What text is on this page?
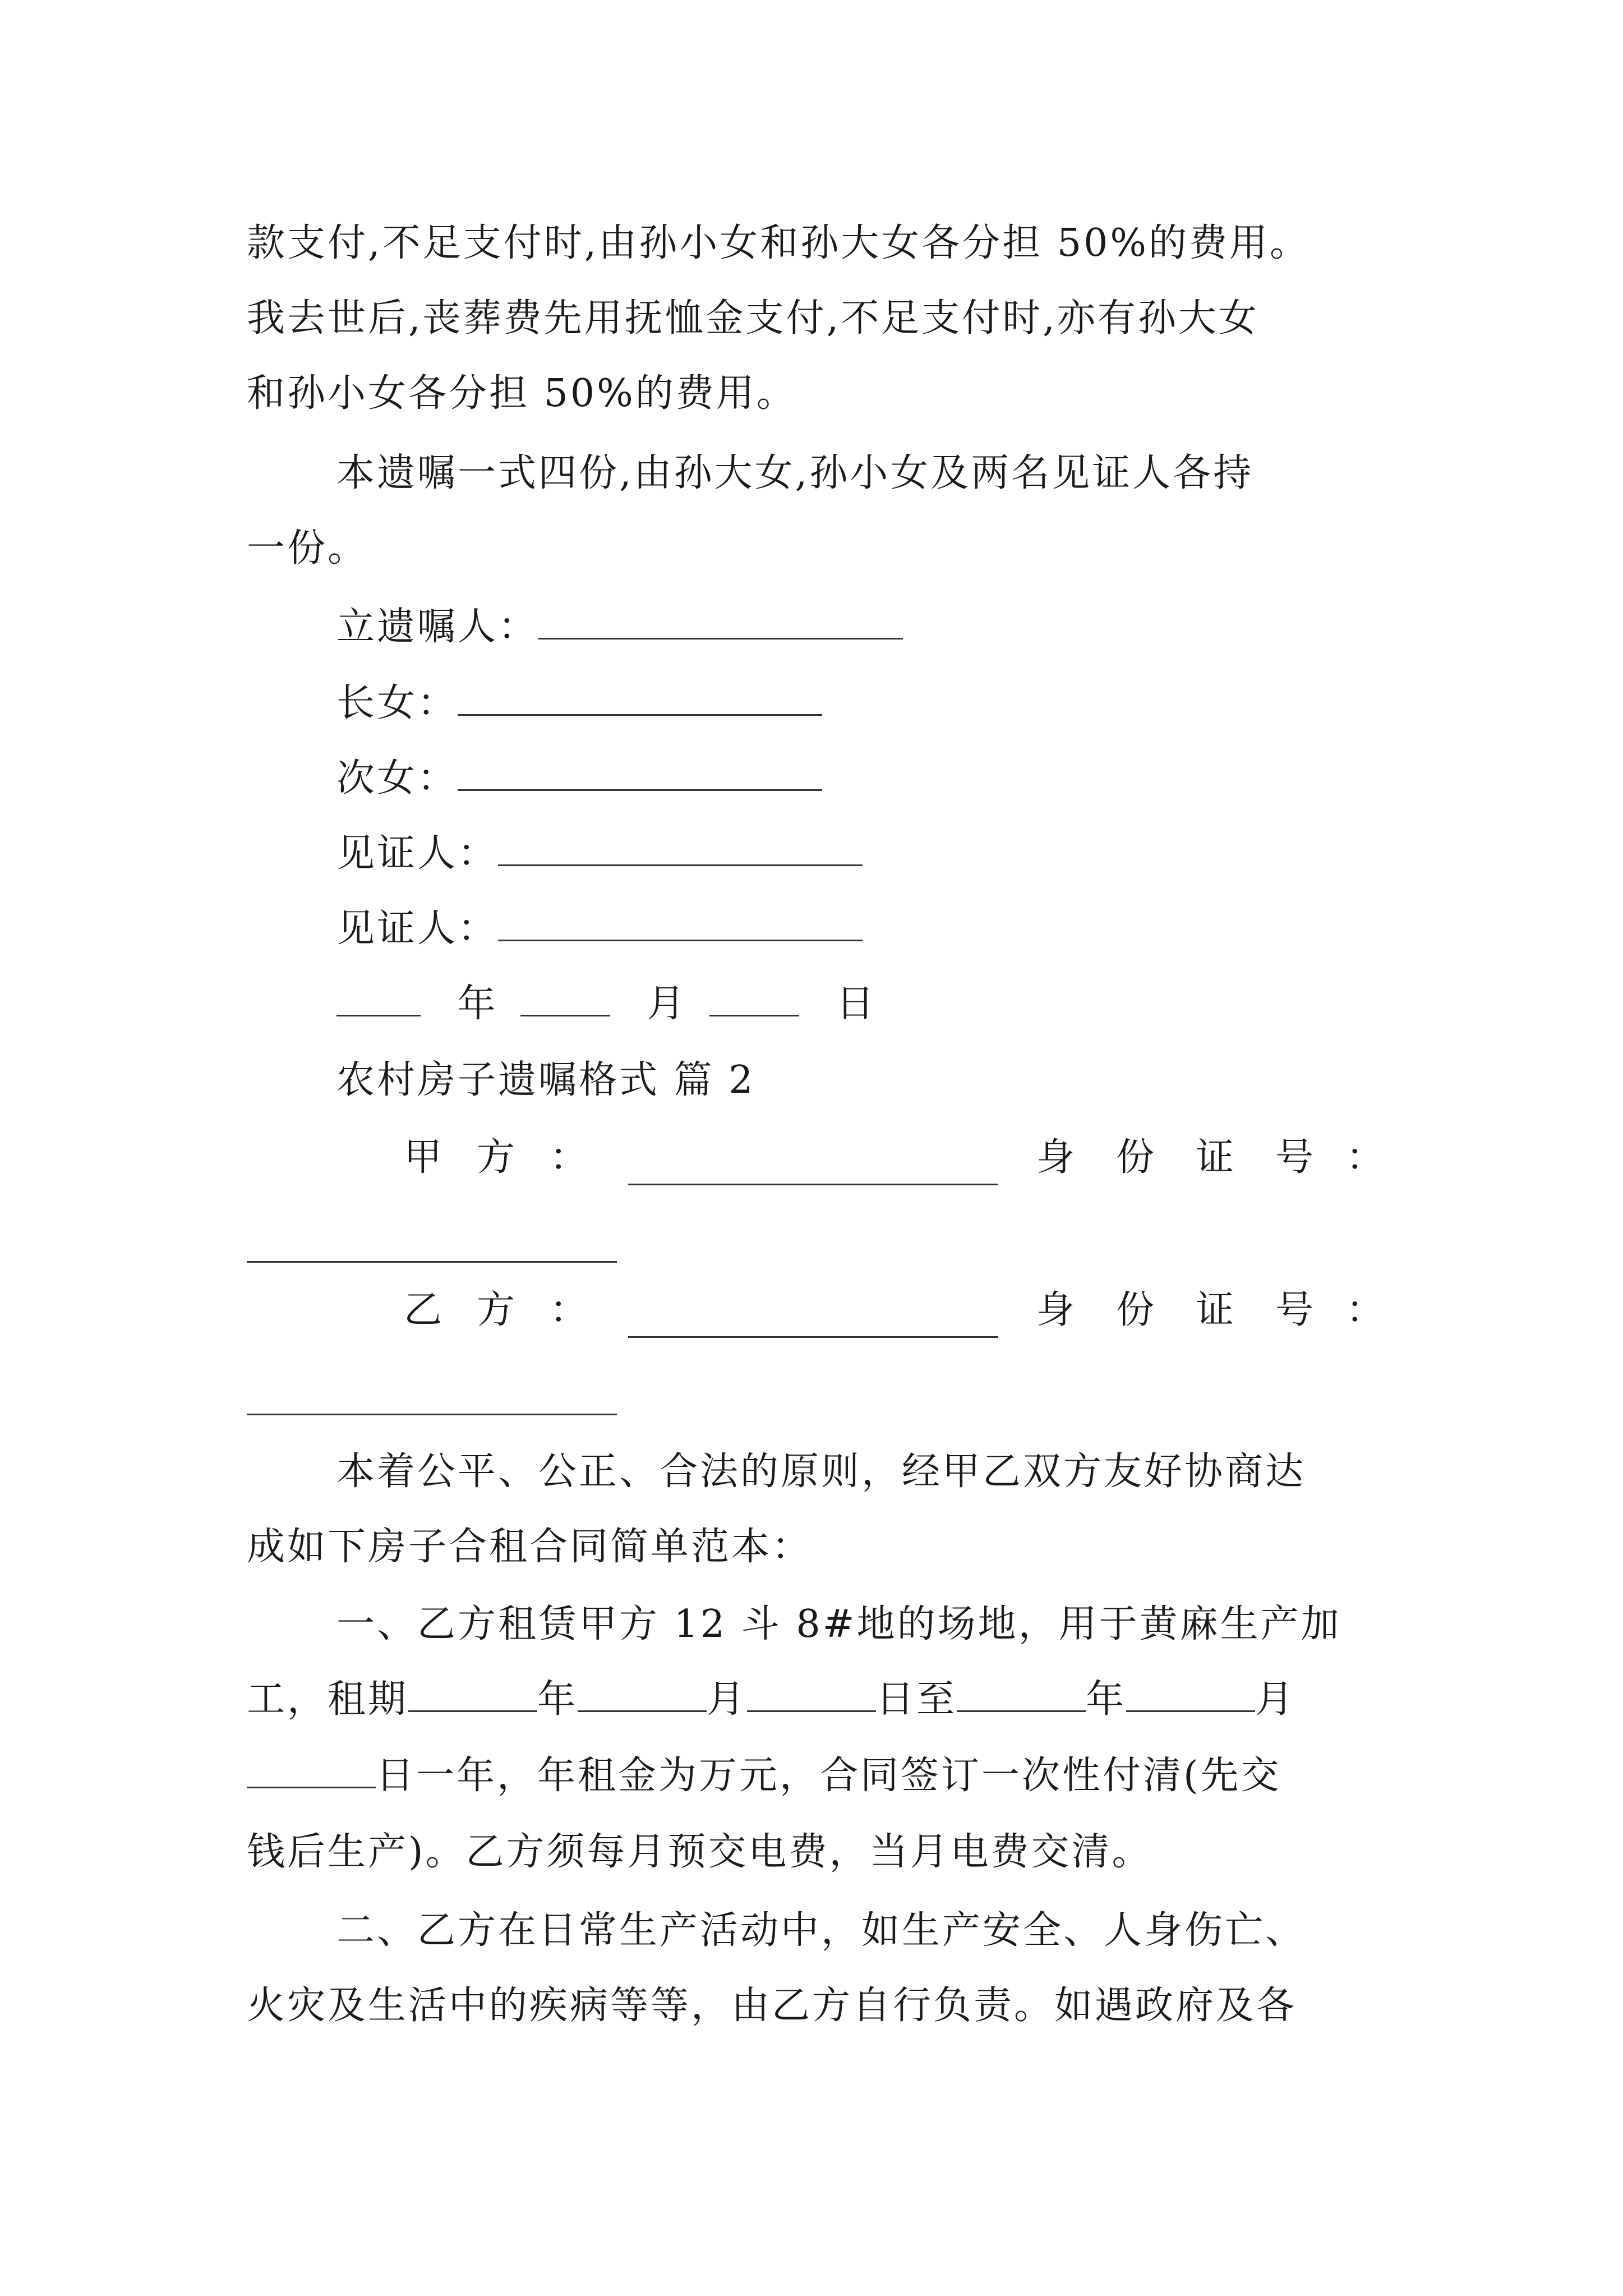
款支付,不足支付时,由孙小女和孙大女各分担 50%的费用。
我去世后,丧葬费先用抚恤金支付,不足支付时,亦有孙大女
和孙小女各分担 50%的费用。
本遗嘱一式四份,由孙大女,孙小女及两名见证人各持
一份。
立遗嘱人：
长女：
次女：
见证人：
见证人：
年	月	日
农村房子遗嘱格式 篇 2
甲 方 ：	身 份 证 号 ：
乙 方 ：	身 份 证 号 ：
本着公平、公正、合法的原则，经甲乙双方友好协商达
成如下房子合租合同简单范本：
一、乙方租赁甲方 12 斗 8#地的场地，用于黄麻生产加
工，租期	年	月	日至	年	月
日一年，年租金为万元，合同签订一次性付清(先交
钱后生产)。乙方须每月预交电费，当月电费交清。
二、乙方在日常生产活动中，如生产安全、人身伤亡、
火灾及生活中的疾病等等，由乙方自行负责。如遇政府及各
